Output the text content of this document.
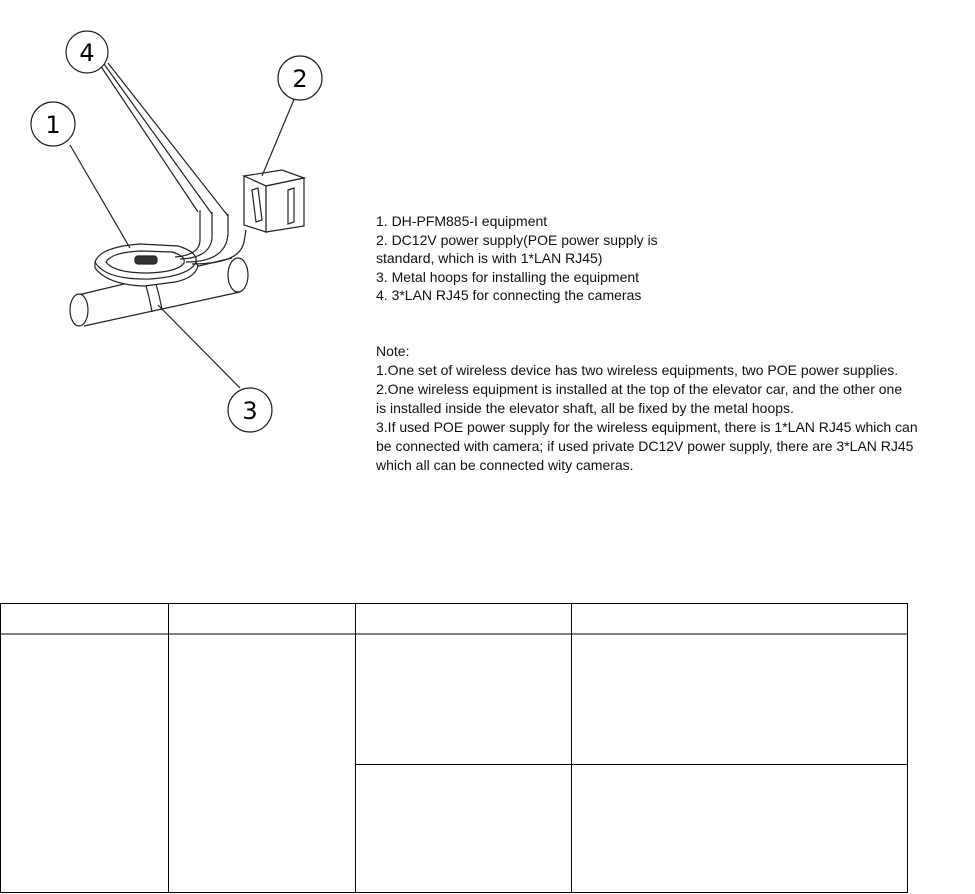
4
2
1
3
1. DH-PFM885-I equipment
2. DC12V power supply(POE power supply is
standard, which is with 1*LAN RJ45)
3. Metal hoops for installing the equipment
4. 3*LAN RJ45 for connecting the cameras
Note:
1.One set of wireless device has two wireless equipments, two POE power supplies.
2.One wireless equipment is installed at the top of the elevator car, and the other one
is installed inside the elevator shaft, all be fixed by the metal hoops.
3.If used POE power supply for the wireless equipment, there is 1*LAN RJ45 which can
be connected with camera; if used private DC12V power supply, there are 3*LAN RJ45
which all can be connected wity cameras.
